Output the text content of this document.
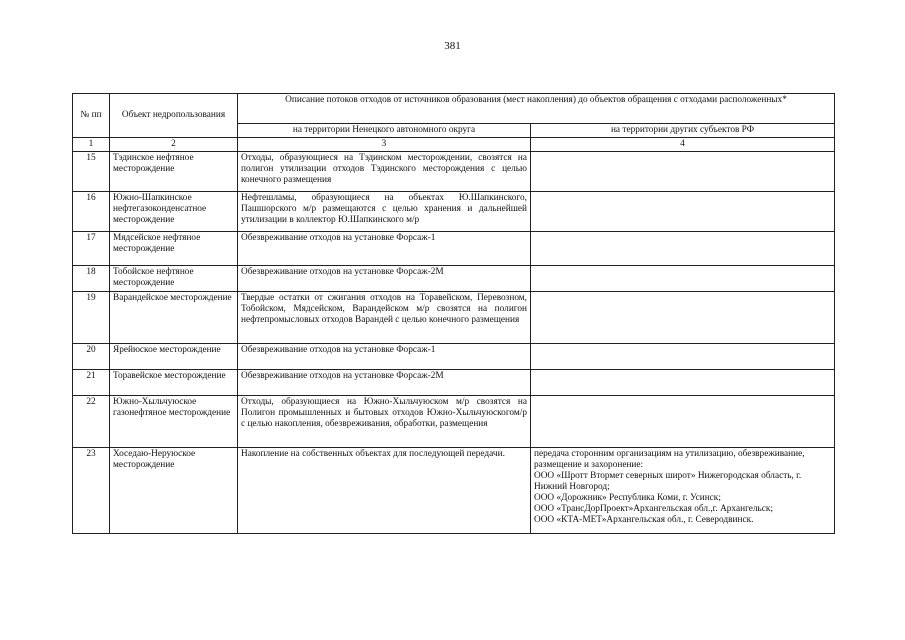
381
№ пп	Объект недропользования	Описание потоков отходов от источников образования (мест накопления) до объектов обращения с отходами расположенных*	
		на территории Ненецкого автономного округа	на территории других субъектов РФ
1	2	3	4
15	Тэдинское нефтяное месторождение	Отходы, образующиеся на Тэдинском месторождении, свозятся на полигон утилизации отходов Тэдинского месторождения с целью конечного размещения	
16	Южно-Шапкинское нефтегазоконденсатное месторождение	Нефтешламы, образующиеся на объектах Ю.Шапкинского, Пашшорского м/р размещаются с целью хранения и дальнейшей утилизации в коллектор Ю.Шапкинского м/р	
17	Мядсейское нефтяное месторождение	Обезвреживание отходов на установке Форсаж-1	
18	Тобойское нефтяное месторождение	Обезвреживание отходов на установке Форсаж-2М	
19	Варандейское месторождение	Твердые остатки от сжигания отходов на Торавейском, Перевозном, Тобойском, Мядсейском, Варандейском м/р свозятся на полигон нефтепромысловых отходов Варандей с целью конечного размещения	
20	Ярейюское месторождение	Обезвреживание отходов на установке Форсаж-1	
21	Торавейское месторождение	Обезвреживание отходов на установке Форсаж-2М	
22	Южно-Хыльчуюское газонефтяное месторождение	Отходы, образующиеся на Южно-Хыльчуюском м/р свозятся на Полигон промышленных и бытовых отходов Южно-Хыльчуюскогом/р с целью накопления, обезвреживания, обработки, размещения	
23	Хоседаю-Неруюское месторождение	Накопление на собственных объектах для последующей передачи.	передача сторонним организациям на утилизацию, обезвреживание, размещение и захоронение:
ООО «Шротт Втормет северных широт» Нижегородская область, г. Нижний Новгород;
ООО «Дорожник» Республика Коми, г. Усинск;
ООО «ТрансДорПроект»Архангельская обл.,г. Архангельск;
ООО «КТА-МЕТ»Архангельская обл., г. Северодвинск.
